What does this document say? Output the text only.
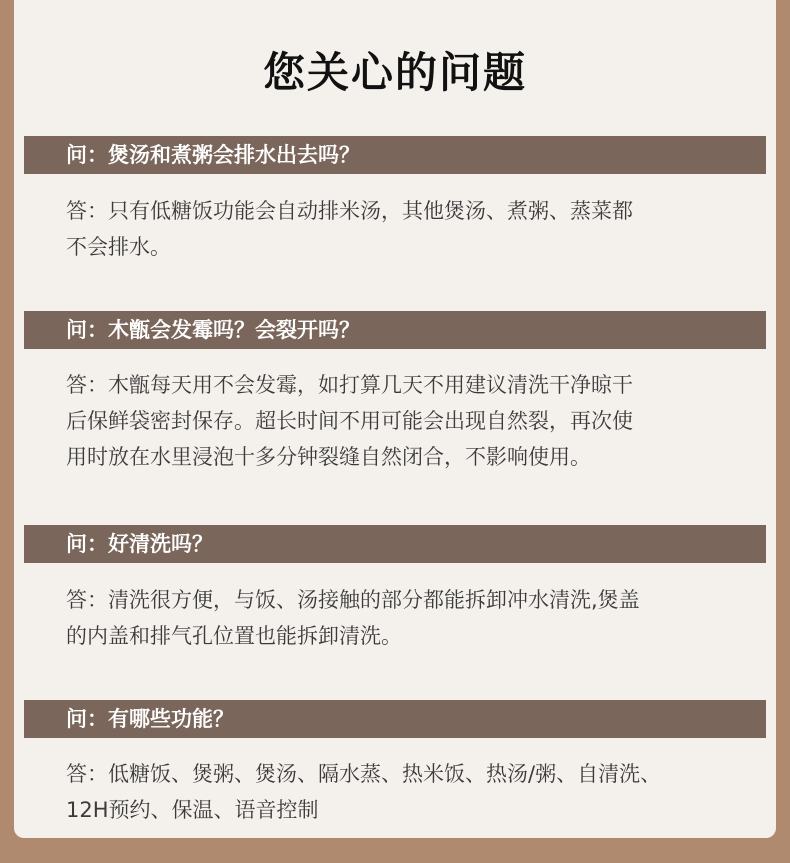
您关心的问题
问：煲汤和煮粥会排水出去吗？
答：只有低糖饭功能会自动排米汤，其他煲汤、煮粥、蒸菜都
不会排水。
问：木甑会发霉吗？会裂开吗？
答：木甑每天用不会发霉，如打算几天不用建议清洗干净晾干
后保鲜袋密封保存。超长时间不用可能会出现自然裂，再次使
用时放在水里浸泡十多分钟裂缝自然闭合，不影响使用。
问：好清洗吗？
答：清洗很方便，与饭、汤接触的部分都能拆卸冲水清洗,煲盖
的内盖和排气孔位置也能拆卸清洗。
问：有哪些功能？
答：低糖饭、煲粥、煲汤、隔水蒸、热米饭、热汤/粥、自清洗、
12H预约、保温、语音控制
